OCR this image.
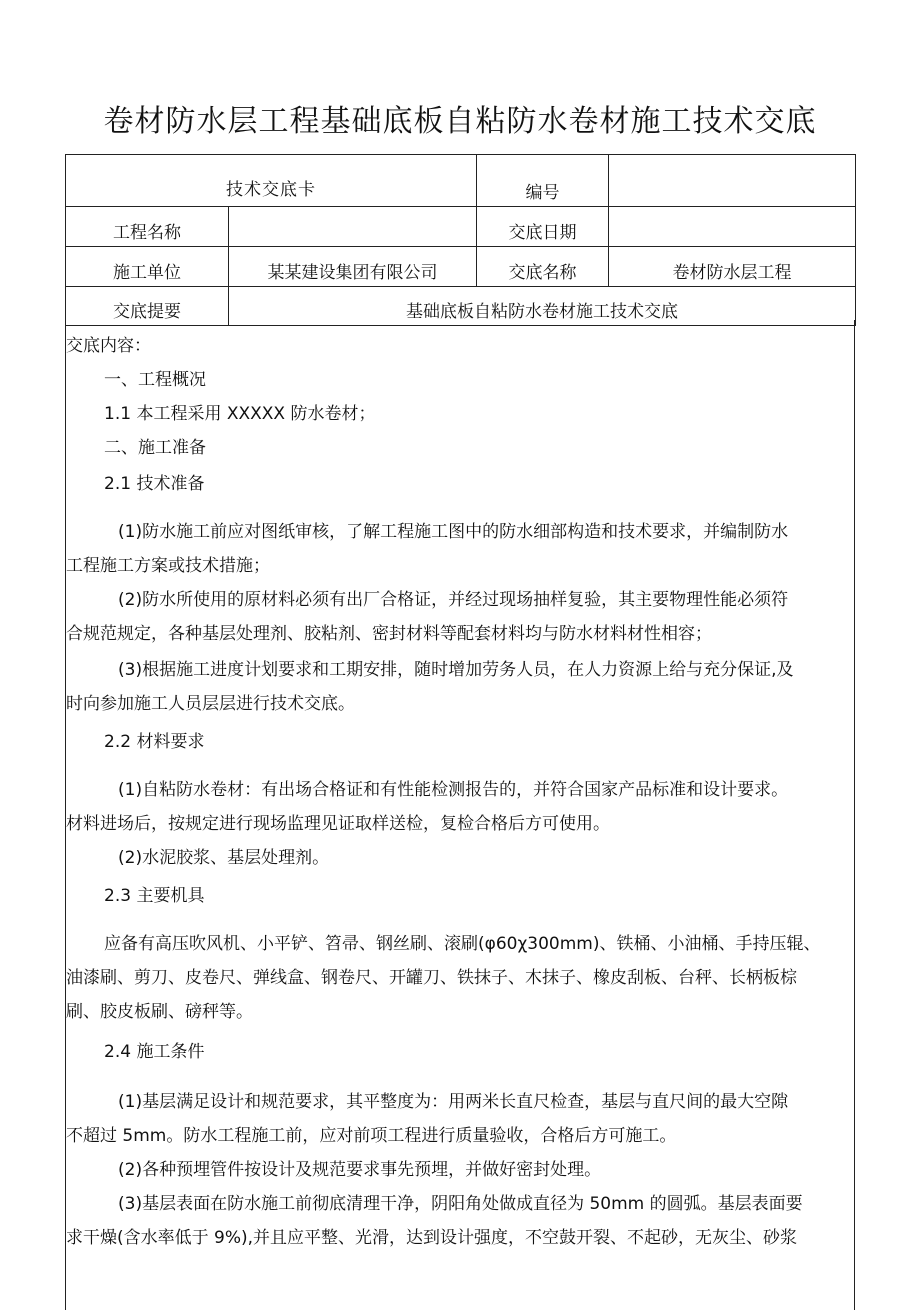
卷材防水层工程基础底板自粘防水卷材施工技术交底
技术交底卡		编号	
工程名称		交底日期	
施工单位	某某建设集团有限公司	交底名称	卷材防水层工程
交底提要	基础底板自粘防水卷材施工技术交底		
交底内容：
一、工程概况
1.1 本工程采用 XXXXX 防水卷材；
二、施工准备
2.1 技术准备
(1)防水施工前应对图纸审核，了解工程施工图中的防水细部构造和技术要求，并编制防水
工程施工方案或技术措施；
(2)防水所使用的原材料必须有出厂合格证，并经过现场抽样复验，其主要物理性能必须符
合规范规定，各种基层处理剂、胶粘剂、密封材料等配套材料均与防水材料材性相容；
(3)根据施工进度计划要求和工期安排，随时增加劳务人员，在人力资源上给与充分保证,及
时向参加施工人员层层进行技术交底。
2.2 材料要求
(1)自粘防水卷材：有出场合格证和有性能检测报告的，并符合国家产品标准和设计要求。
材料进场后，按规定进行现场监理见证取样送检，复检合格后方可使用。
(2)水泥胶浆、基层处理剂。
2.3 主要机具
应备有高压吹风机、小平铲、笤帚、钢丝刷、滚刷(φ60χ300mm)、铁桶、小油桶、手持压辊、
油漆刷、剪刀、皮卷尺、弹线盒、钢卷尺、开罐刀、铁抹子、木抹子、橡皮刮板、台秤、长柄板棕
刷、胶皮板刷、磅秤等。
2.4 施工条件
(1)基层满足设计和规范要求，其平整度为：用两米长直尺检查，基层与直尺间的最大空隙
不超过 5mm。防水工程施工前，应对前项工程进行质量验收，合格后方可施工。
(2)各种预埋管件按设计及规范要求事先预埋，并做好密封处理。
(3)基层表面在防水施工前彻底清理干净，阴阳角处做成直径为 50mm 的圆弧。基层表面要
求干燥(含水率低于 9%),并且应平整、光滑，达到设计强度，不空鼓开裂、不起砂，无灰尘、砂浆
